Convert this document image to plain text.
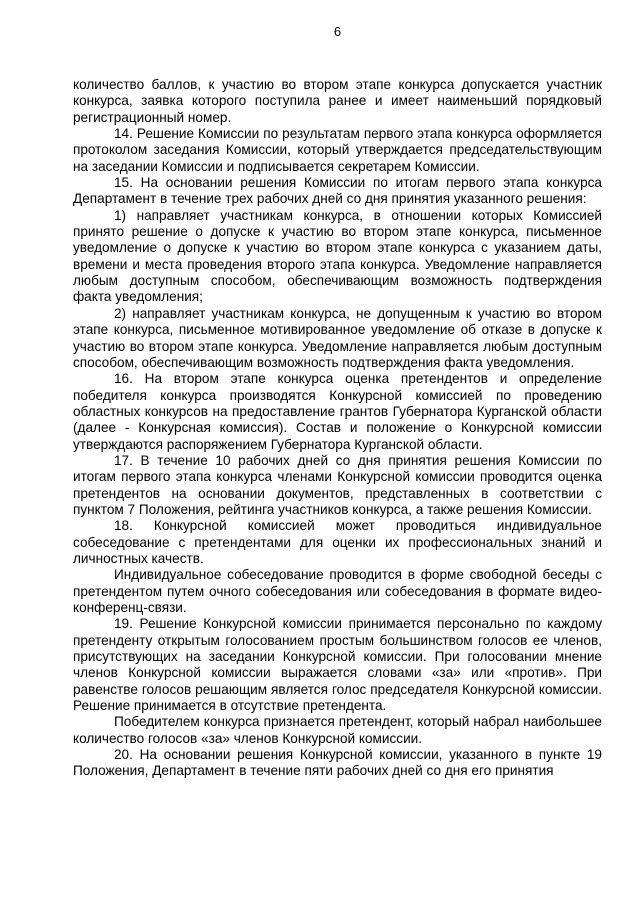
6

количество баллов, к участию во втором этапе конкурса допускается участник конкурса, заявка которого поступила ранее и имеет наименьший порядковый регистрационный номер.

14. Решение Комиссии по результатам первого этапа конкурса оформляется протоколом заседания Комиссии, который утверждается председательствующим на заседании Комиссии и подписывается секретарем Комиссии.

15. На основании решения Комиссии по итогам первого этапа конкурса Департамент в течение трех рабочих дней со дня принятия указанного решения:

1) направляет участникам конкурса, в отношении которых Комиссией принято решение о допуске к участию во втором этапе конкурса, письменное уведомление о допуске к участию во втором этапе конкурса с указанием даты, времени и места проведения второго этапа конкурса. Уведомление направляется любым доступным способом, обеспечивающим возможность подтверждения факта уведомления;

2) направляет участникам конкурса, не допущенным к участию во втором этапе конкурса, письменное мотивированное уведомление об отказе в допуске к участию во втором этапе конкурса. Уведомление направляется любым доступным способом, обеспечивающим возможность подтверждения факта уведомления.

16. На втором этапе конкурса оценка претендентов и определение победителя конкурса производятся Конкурсной комиссией по проведению областных конкурсов на предоставление грантов Губернатора Курганской области (далее - Конкурсная комиссия). Состав и положение о Конкурсной комиссии утверждаются распоряжением Губернатора Курганской области.

17. В течение 10 рабочих дней со дня принятия решения Комиссии по итогам первого этапа конкурса членами Конкурсной комиссии проводится оценка претендентов на основании документов, представленных в соответствии с пунктом 7 Положения, рейтинга участников конкурса, а также решения Комиссии.

18. Конкурсной комиссией может проводиться индивидуальное собеседование с претендентами для оценки их профессиональных знаний и личностных качеств.

Индивидуальное собеседование проводится в форме свободной беседы с претендентом путем очного собеседования или собеседования в формате видео-конференц-связи.

19. Решение Конкурсной комиссии принимается персонально по каждому претенденту открытым голосованием простым большинством голосов ее членов, присутствующих на заседании Конкурсной комиссии. При голосовании мнение членов Конкурсной комиссии выражается словами «за» или «против». При равенстве голосов решающим является голос председателя Конкурсной комиссии. Решение принимается в отсутствие претендента.

Победителем конкурса признается претендент, который набрал наибольшее количество голосов «за» членов Конкурсной комиссии.

20. На основании решения Конкурсной комиссии, указанного в пункте 19 Положения, Департамент в течение пяти рабочих дней со дня его принятия
